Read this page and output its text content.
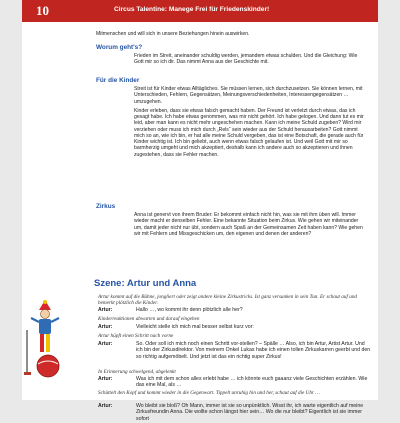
10	Circus Talentine: Manege Frei für Friedenskinder!
Mitmenschen und will sich in unsere Beziehungen hinein auswirken.
Worum geht's?

Frieden im Streit, aneinander schuldig werden, jemandem etwas schulden. Und die Gleichung: Wie Gott mir so ich dir. Das nimmt Anna aus der Geschichte mit.

Für die Kinder

Streit ist für Kinder etwas Alltägliches. Sie müssen lernen, sich durchzusetzen. Sie können lernen, mit Unterschieden, Fehlern, Gegensätzen, Meinungsverschiedenheiten, Interessengegensätzen … umzugehen.

Kinder erleben, dass sie etwas falsch gemacht haben. Der Freund ist verletzt durch etwas, das ich gesagt habe. Ich habe etwas genommen, was mir nicht gehört. Ich habe gelogen. Und dann tut es mir leid, aber man kann es nicht mehr ungeschehen machen. Kann ich meine Schuld zugeben? Wird mir verziehen oder muss ich mich durch „Rels“ sein wieder aus der Schuld herausarbeiten? Gott nimmt mich so an, wie ich bin, er hat alle meine Schuld vergeben, das ist eine Botschaft, die gerade auch für Kinder wichtig ist. Ich bin geliebt, auch wenn etwas falsch gelaufen ist. Und weil Gott mit mir so barmherzig umgeht und mich akzeptiert, deshalb kann ich andere auch so akzeptieren und ihnen zugestehen, dass sie Fehler machen.

Zirkus

Anna ist genervt von ihrem Bruder: Er bekommt einfach nicht hin, was sie mit ihm üben will. Immer wieder macht er denselben Fehler. Eine bekannte Situation beim Zirkus. Wie gehen wir miteinander um, damit jeder nicht nur übt, sondern auch Spaß an der Gemeinsamen Zeit haben kann? Wie gehen wir mit Fehlern und Missgeschicken um, den eigenen und denen der anderen?

Szene: Artur und Anna
Artur kommt auf die Bühne, jongliert oder zeigt andere kleine Zirkustricks. Ist ganz versunken in sein Tun. Er schaut auf und bemerkt plötzlich die Kinder.
Artur:	Hallo …, wo kommt ihr denn plötzlich alle her?
Kinderreaktionen abwarten und darauf eingehen
Artur:	Vielleicht stelle ich mich mal besser selbst kurz vor:
Artur hüpft einen Schritt nach vorne
Artur:	So. Oder soll ich mich noch einen Schritt vor-stellen? – Spälle … Also, ich bin Artur, Artist Artur. Und ich bin der Zirkusdirektor. Von meinem Onkel Lukas habe ich einen tollen Zirkuskarren geerbt und den so richtig aufgemöbelt. Und jetzt ist das ein richtig super Zirkus!
In Erinnerung schwelgend, abgelenkt
Artur:	Was ich mit dem schon alles erlebt habe … ich könnte euch gaaanz viele Geschichten erzählen. Wie das eine Mal, als …
Schüttelt den Kopf und kommt wieder in die Gegenwart. Tippelt unruhig hin und her, schaut auf die Uhr …
Artur:	Wo bleibt sie bloß? Oh Mann, immer ist sie so unpünktlich. Wisst ihr, ich warte eigentlich auf meine Zirkusfreundin Anna. Die wollte schon längst hier sein… Wo die nur bleibt? Eigentlich ist sie immer sofort
